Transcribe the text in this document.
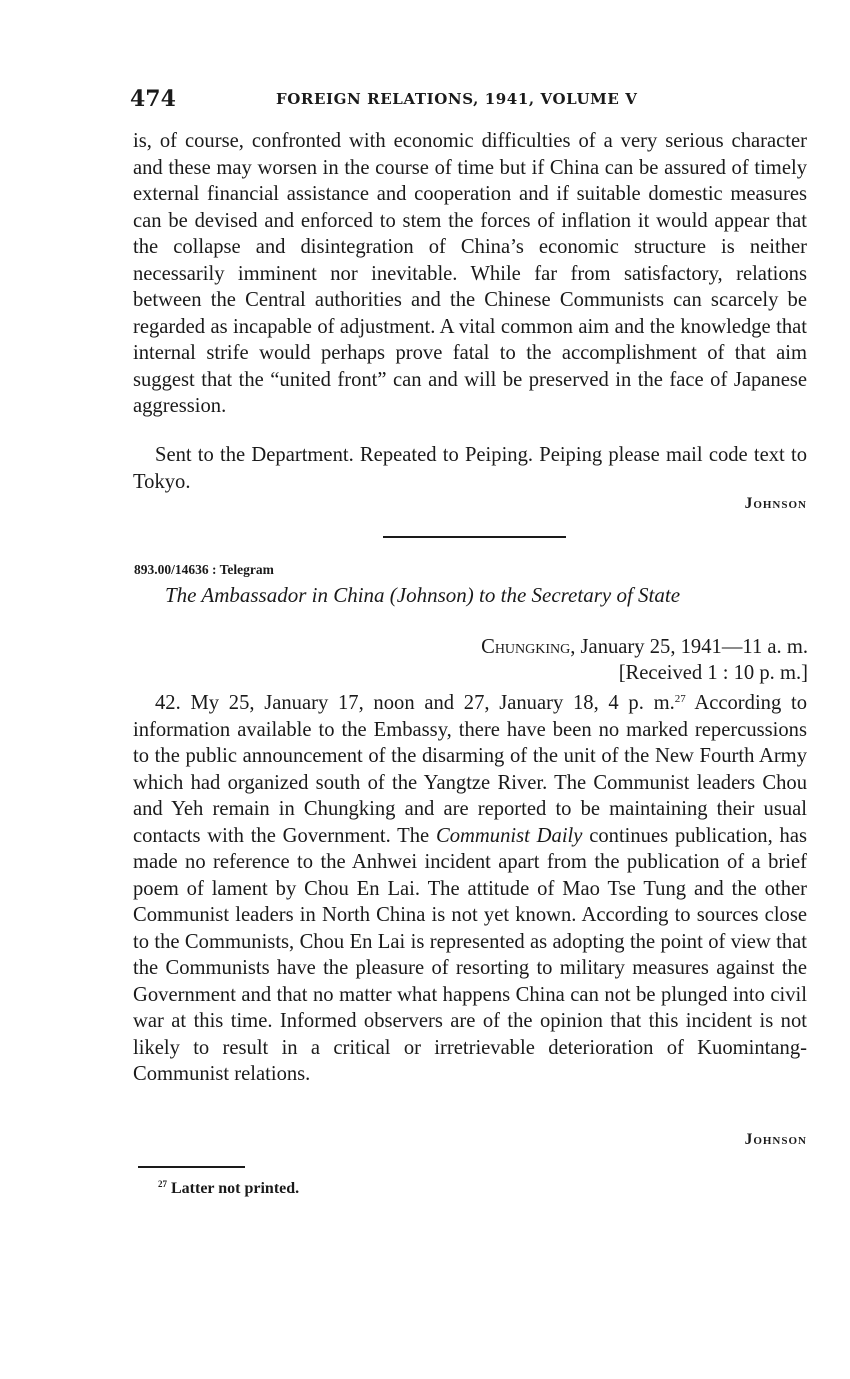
474	FOREIGN RELATIONS, 1941, VOLUME V
is, of course, confronted with economic difficulties of a very serious character and these may worsen in the course of time but if China can be assured of timely external financial assistance and cooperation and if suitable domestic measures can be devised and enforced to stem the forces of inflation it would appear that the collapse and disintegration of China’s economic structure is neither necessarily imminent nor inevitable. While far from satisfactory, relations between the Central authorities and the Chinese Communists can scarcely be regarded as incapable of adjustment. A vital common aim and the knowledge that internal strife would perhaps prove fatal to the accomplishment of that aim suggest that the “united front” can and will be preserved in the face of Japanese aggression.
Sent to the Department. Repeated to Peiping. Peiping please mail code text to Tokyo.
Johnson
893.00/14636 : Telegram
The Ambassador in China (Johnson) to the Secretary of State
Chungking, January 25, 1941—11 a. m.
[Received 1 : 10 p. m.]
42. My 25, January 17, noon and 27, January 18, 4 p. m.$^{27}$ According to information available to the Embassy, there have been no marked repercussions to the public announcement of the disarming of the unit of the New Fourth Army which had organized south of the Yangtze River. The Communist leaders Chou and Yeh remain in Chungking and are reported to be maintaining their usual contacts with the Government. The Communist Daily continues publication, has made no reference to the Anhwei incident apart from the publication of a brief poem of lament by Chou En Lai. The attitude of Mao Tse Tung and the other Communist leaders in North China is not yet known. According to sources close to the Communists, Chou En Lai is represented as adopting the point of view that the Communists have the pleasure of resorting to military measures against the Government and that no matter what happens China can not be plunged into civil war at this time. Informed observers are of the opinion that this incident is not likely to result in a critical or irretrievable deterioration of Kuomintang-Communist relations.
Johnson
$^{27}$ Latter not printed.
